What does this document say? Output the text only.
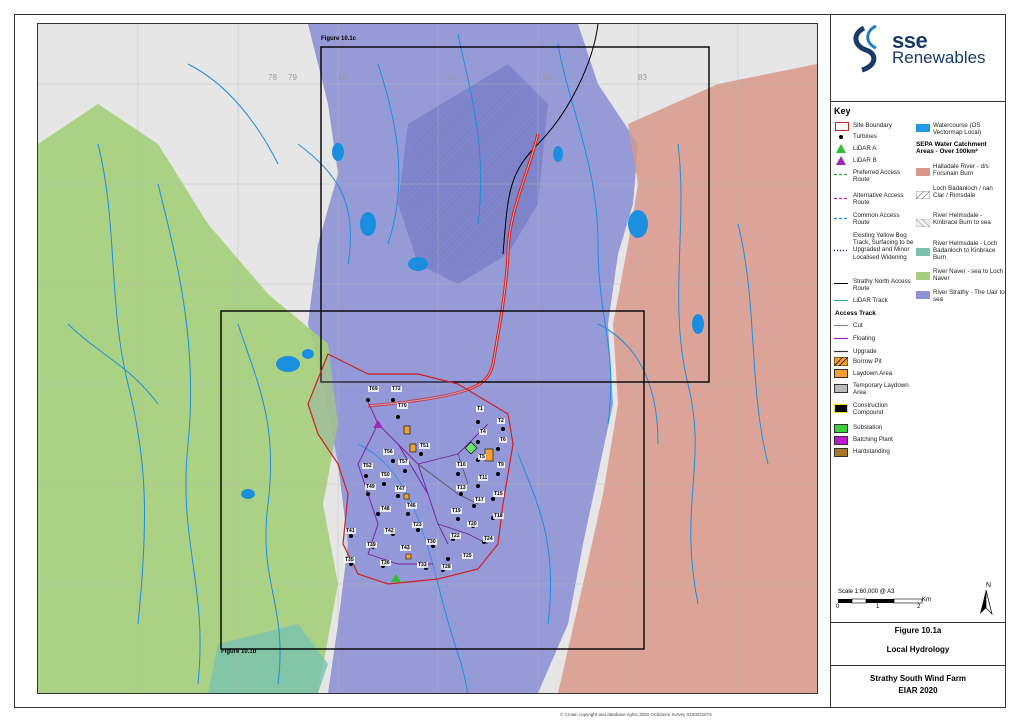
78 79	80	81	82	83
Figure 10.1c
Figure 10.1b
T69	T72
T70	T1
T2
T4
T6
T51
T56
T5
T57	T10	T9
T52
T50	T11
T49	T47	T13
T15
T48	T46
T17
T19
T18
T20
T23
T42
T41
T22	T24
T39	T43
T30
T35	T36	T33
T25
T28
sse
Renewables
Key
Site Boundary
Turbines
LiDAR A
LiDAR B
Preferred Access Route
Alternative Access Route
Common Access Route
Existing Yellow Bog Track, Surfacing to be Upgraded and Minor Localised Widening
Strathy North Access Route
LiDAR Track
Watercourse (OS Vectormap Local)
SEPA Water Catchment Areas - Over 100km²
Halladale River - d/s Forsinain Burn
Loch Badanloch / nan Clar / Rimsdale
River Helmsdale - Kinbrace Burn to sea
River Helmsdale - Loch Badanloch to Kinbrace Burn
River Naver - sea to Loch Naver
River Strathy - The Uair to sea
Access Track
Cut
Floating
Upgrade
Borrow Pit
Laydown Area
Temporary Laydown Area
Construction Compound
Substation
Batching Plant
Hardstanding
Scale 1:60,000 @ A3
Km
0	1	2
N
Figure 10.1a
Local Hydrology
Strathy South Wind Farm
EIAR 2020
© Crown copyright and database rights 2020 Ordnance Survey 0100031673
